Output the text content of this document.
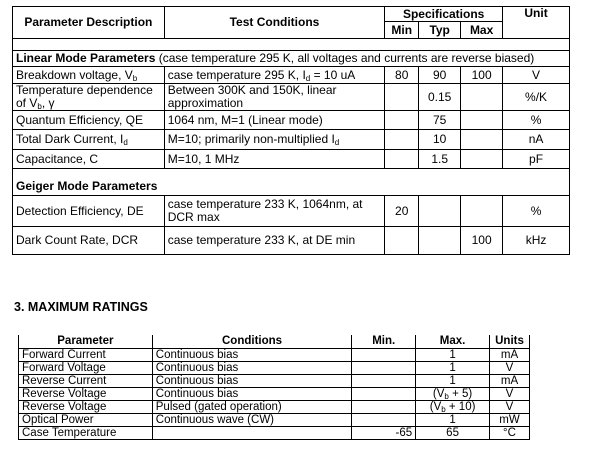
Parameter Description	Test Conditions	Specifications			Unit
		Min	Typ	Max	

Linear Mode Parameters (case temperature 295 K, all voltages and currents are reverse biased)					
Breakdown voltage, $V_b$	case temperature 295 K, $I_d = 10$ uA	80	90	100	V
Temperature dependence of $V_b$, γ	Between 300K and 150K, linear approximation		0.15		%/K
Quantum Efficiency, QE	1064 nm, M=1 (Linear mode)		75		%
Total Dark Current, $I_d$	M=10; primarily non-multiplied $I_d$		10		nA
Capacitance, C	M=10, 1 MHz		1.5		pF

Geiger Mode Parameters					
Detection Efficiency, DE	case temperature 233 K, 1064nm, at DCR max	20			%
Dark Count Rate, DCR	case temperature 233 K, at DE min			100	kHz
3. MAXIMUM RATINGS
Parameter	Conditions	Min.	Max.	Units
Forward Current	Continuous bias		1	mA
Forward Voltage	Continuous bias		1	V
Reverse Current	Continuous bias		1	mA
Reverse Voltage	Continuous bias		$(V_b + 5)$	V
Reverse Voltage	Pulsed (gated operation)		$(V_b + 10)$	V
Optical Power	Continuous wave (CW)		1	mW
Case Temperature		-65	65	°C
